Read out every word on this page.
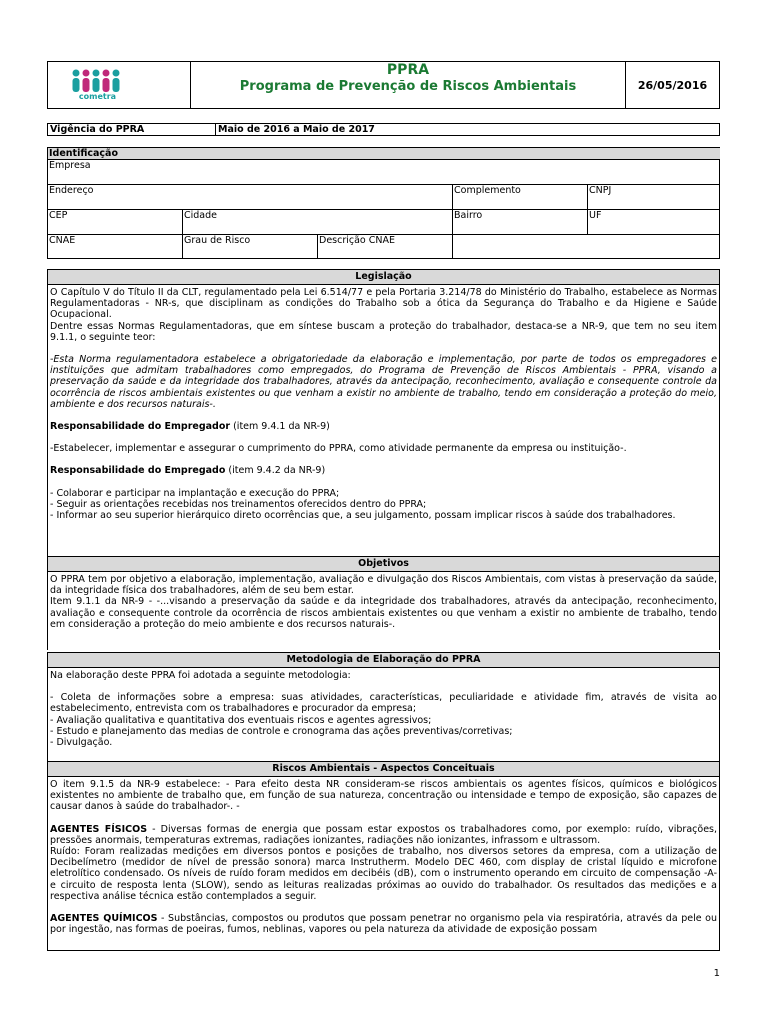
cometra
PPRA
Programa de Prevenção de Riscos Ambientais	26/05/2016
Vigência do PPRA	Maio de 2016 a Maio de 2017
Identificação
Empresa
Endereço	Complemento	CNPJ
CEP	Cidade	Bairro	UF
CNAE	Grau de Risco	Descrição CNAE
Legislação

O Capítulo V do Título II da CLT, regulamentado pela Lei 6.514/77 e pela Portaria 3.214/78 do Ministério do Trabalho, estabelece as Normas Regulamentadoras - NR-s, que disciplinam as condições do Trabalho sob a ótica da Segurança do Trabalho e da Higiene e Saúde Ocupacional.

Dentre essas Normas Regulamentadoras, que em síntese buscam a proteção do trabalhador, destaca-se a NR-9, que tem no seu item 9.1.1, o seguinte teor:

-Esta Norma regulamentadora estabelece a obrigatoriedade da elaboração e implementação, por parte de todos os empregadores e instituições que admitam trabalhadores como empregados, do Programa de Prevenção de Riscos Ambientais - PPRA, visando a preservação da saúde e da integridade dos trabalhadores, através da antecipação, reconhecimento, avaliação e consequente controle da ocorrência de riscos ambientais existentes ou que venham a existir no ambiente de trabalho, tendo em consideração a proteção do meio, ambiente e dos recursos naturais-.

Responsabilidade do Empregador (item 9.4.1 da NR-9)

-Estabelecer, implementar e assegurar o cumprimento do PPRA, como atividade permanente da empresa ou instituição-.

Responsabilidade do Empregado (item 9.4.2 da NR-9)

- Colaborar e participar na implantação e execução do PPRA;

- Seguir as orientações recebidas nos treinamentos oferecidos dentro do PPRA;

- Informar ao seu superior hierárquico direto ocorrências que, a seu julgamento, possam implicar riscos à saúde dos trabalhadores.

Objetivos

O PPRA tem por objetivo a elaboração, implementação, avaliação e divulgação dos Riscos Ambientais, com vistas à preservação da saúde, da integridade física dos trabalhadores, além de seu bem estar.

Item 9.1.1 da NR-9 - -...visando a preservação da saúde e da integridade dos trabalhadores, através da antecipação, reconhecimento, avaliação e consequente controle da ocorrência de riscos ambientais existentes ou que venham a existir no ambiente de trabalho, tendo em consideração a proteção do meio ambiente e dos recursos naturais-.

Metodologia de Elaboração do PPRA

Na elaboração deste PPRA foi adotada a seguinte metodologia:

- Coleta de informações sobre a empresa: suas atividades, características, peculiaridade e atividade fim, através de visita ao estabelecimento, entrevista com os trabalhadores e procurador da empresa;

- Avaliação qualitativa e quantitativa dos eventuais riscos e agentes agressivos;

- Estudo e planejamento das medias de controle e cronograma das ações preventivas/corretivas;

- Divulgação.

Riscos Ambientais - Aspectos Conceituais

O item 9.1.5 da NR-9 estabelece: - Para efeito desta NR consideram-se riscos ambientais os agentes físicos, químicos e biológicos existentes no ambiente de trabalho que, em função de sua natureza, concentração ou intensidade e tempo de exposição, são capazes de causar danos à saúde do trabalhador-. -

AGENTES FÍSICOS - Diversas formas de energia que possam estar expostos os trabalhadores como, por exemplo: ruído, vibrações, pressões anormais, temperaturas extremas, radiações ionizantes, radiações não ionizantes, infrassom e ultrassom.

Ruído: Foram realizadas medições em diversos pontos e posições de trabalho, nos diversos setores da empresa, com a utilização de Decibelímetro (medidor de nível de pressão sonora) marca Instrutherm. Modelo DEC 460, com display de cristal líquido e microfone eletrolítico condensado. Os níveis de ruído foram medidos em decibéis (dB), com o instrumento operando em circuito de compensação -A- e circuito de resposta lenta (SLOW), sendo as leituras realizadas próximas ao ouvido do trabalhador. Os resultados das medições e a respectiva análise técnica estão contemplados a seguir.

AGENTES QUÍMICOS - Substâncias, compostos ou produtos que possam penetrar no organismo pela via respiratória, através da pele ou por ingestão, nas formas de poeiras, fumos, neblinas, vapores ou pela natureza da atividade de exposição possam

1
